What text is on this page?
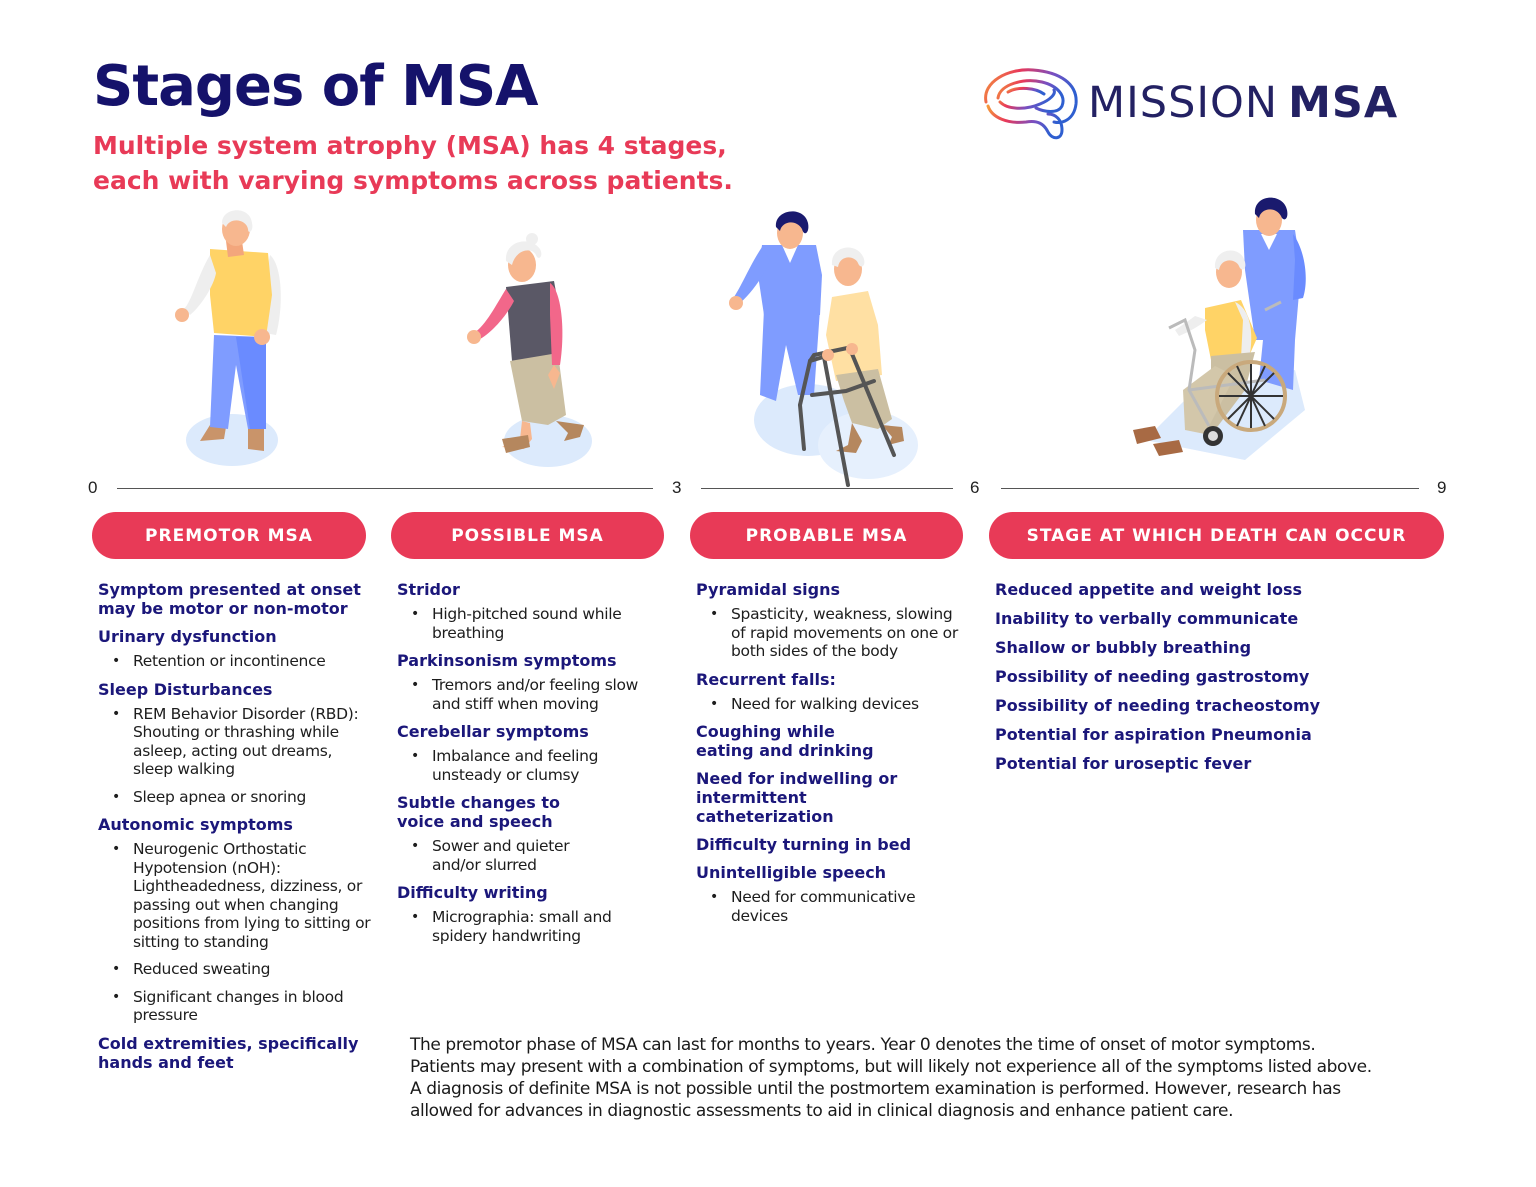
Stages of MSA
Multiple system atrophy (MSA) has 4 stages,
each with varying symptoms across patients.
MISSION MSA
0	3	6	9
PREMOTOR MSA	POSSIBLE MSA	PROBABLE MSA	STAGE AT WHICH DEATH CAN OCCUR
Symptom presented at onset may be motor or non-motor
Urinary dysfunction
• Retention or incontinence
Sleep Disturbances
• REM Behavior Disorder (RBD): Shouting or thrashing while asleep, acting out dreams, sleep walking
• Sleep apnea or snoring
Autonomic symptoms
• Neurogenic Orthostatic Hypotension (nOH): Lightheadedness, dizziness, or passing out when changing positions from lying to sitting or sitting to standing
• Reduced sweating
• Significant changes in blood pressure
Cold extremities, specifically hands and feet
Stridor
• High-pitched sound while breathing
Parkinsonism symptoms
• Tremors and/or feeling slow and stiff when moving
Cerebellar symptoms
• Imbalance and feeling unsteady or clumsy
Subtle changes to voice and speech
• Sower and quieter and/or slurred
Difficulty writing
• Micrographia: small and spidery handwriting
Pyramidal signs
• Spasticity, weakness, slowing of rapid movements on one or both sides of the body
Recurrent falls:
• Need for walking devices
Coughing while eating and drinking
Need for indwelling or intermittent catheterization
Difficulty turning in bed
Unintelligible speech
• Need for communicative devices
Reduced appetite and weight loss
Inability to verbally communicate
Shallow or bubbly breathing
Possibility of needing gastrostomy
Possibility of needing tracheostomy
Potential for aspiration Pneumonia
Potential for uroseptic fever
The premotor phase of MSA can last for months to years. Year 0 denotes the time of onset of motor symptoms.
Patients may present with a combination of symptoms, but will likely not experience all of the symptoms listed above.
A diagnosis of definite MSA is not possible until the postmortem examination is performed. However, research has
allowed for advances in diagnostic assessments to aid in clinical diagnosis and enhance patient care.
